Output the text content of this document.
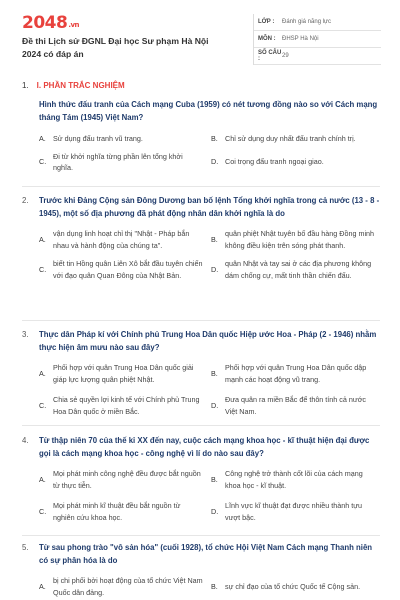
2048.vn
Đề thi Lịch sử ĐGNL Đại học Sư phạm Hà Nội 2024 có đáp án
LỚP :	Đánh giá năng lực
MÔN :	ĐHSP Hà Nội
SỐ CÂU :	29
1. I. PHẦN TRẮC NGHIỆM
Hình thức đấu tranh của Cách mạng Cuba (1959) có nét tương đồng nào so với Cách mạng tháng Tám (1945) Việt Nam?
A.	Sử dụng đấu tranh vũ trang.	B.	Chỉ sử dụng duy nhất đấu tranh chính trị.
C.
Đi từ khởi nghĩa từng phần lên tổng khởi nghĩa.
D. Coi trọng đấu tranh ngoại giao.
2.	Trước khi Đảng Cộng sản Đông Dương ban bố lệnh Tổng khởi nghĩa trong cả nước (13 - 8 - 1945), một số địa phương đã phát động nhân dân khởi nghĩa là do
A.
vận dụng linh hoạt chỉ thị "Nhật - Pháp bắn nhau và hành động của chúng ta".
B.
quân phiệt Nhật tuyên bố đầu hàng Đồng minh không điều kiện trên sóng phát thanh.
C.
biết tin Hồng quân Liên Xô bắt đầu tuyên chiến với đạo quân Quan Đông của Nhật Bản.
D.
quân Nhật và tay sai ở các địa phương không dám chống cự, mất tinh thần chiến đấu.
3.	Thực dân Pháp kí với Chính phủ Trung Hoa Dân quốc Hiệp ước Hoa - Pháp (2 - 1946) nhằm thực hiện âm mưu nào sau đây?
A.
Phối hợp với quân Trung Hoa Dân quốc giải giáp lực lượng quân phiệt Nhật.
B.
Phối hợp với quân Trung Hoa Dân quốc dập mạnh các hoạt động vũ trang.
C.
Chia sẻ quyền lợi kinh tế với Chính phủ Trung Hoa Dân quốc ở miền Bắc.
D.
Đưa quân ra miền Bắc để thôn tính cả nước Việt Nam.
4.	Từ thập niên 70 của thế kỉ XX đến nay, cuộc cách mạng khoa học - kĩ thuật hiện đại được gọi là cách mạng khoa học - công nghệ vì lí do nào sau đây?
A.
Mọi phát minh công nghệ đều được bắt nguồn từ thực tiễn.
B.
Công nghệ trở thành cốt lõi của cách mạng khoa học - kĩ thuật.
C.
Mọi phát minh kĩ thuật đều bắt nguồn từ nghiên cứu khoa học.
D.
Lĩnh vực kĩ thuật đạt được nhiều thành tựu vượt bậc.
5.	Từ sau phong trào "vô sản hóa" (cuối 1928), tổ chức Hội Việt Nam Cách mạng Thanh niên có sự phân hóa là do
A.
bị chi phối bởi hoạt động của tổ chức Việt Nam Quốc dân đảng.
B.	sự chỉ đạo của tổ chức Quốc tế Cộng sản.
